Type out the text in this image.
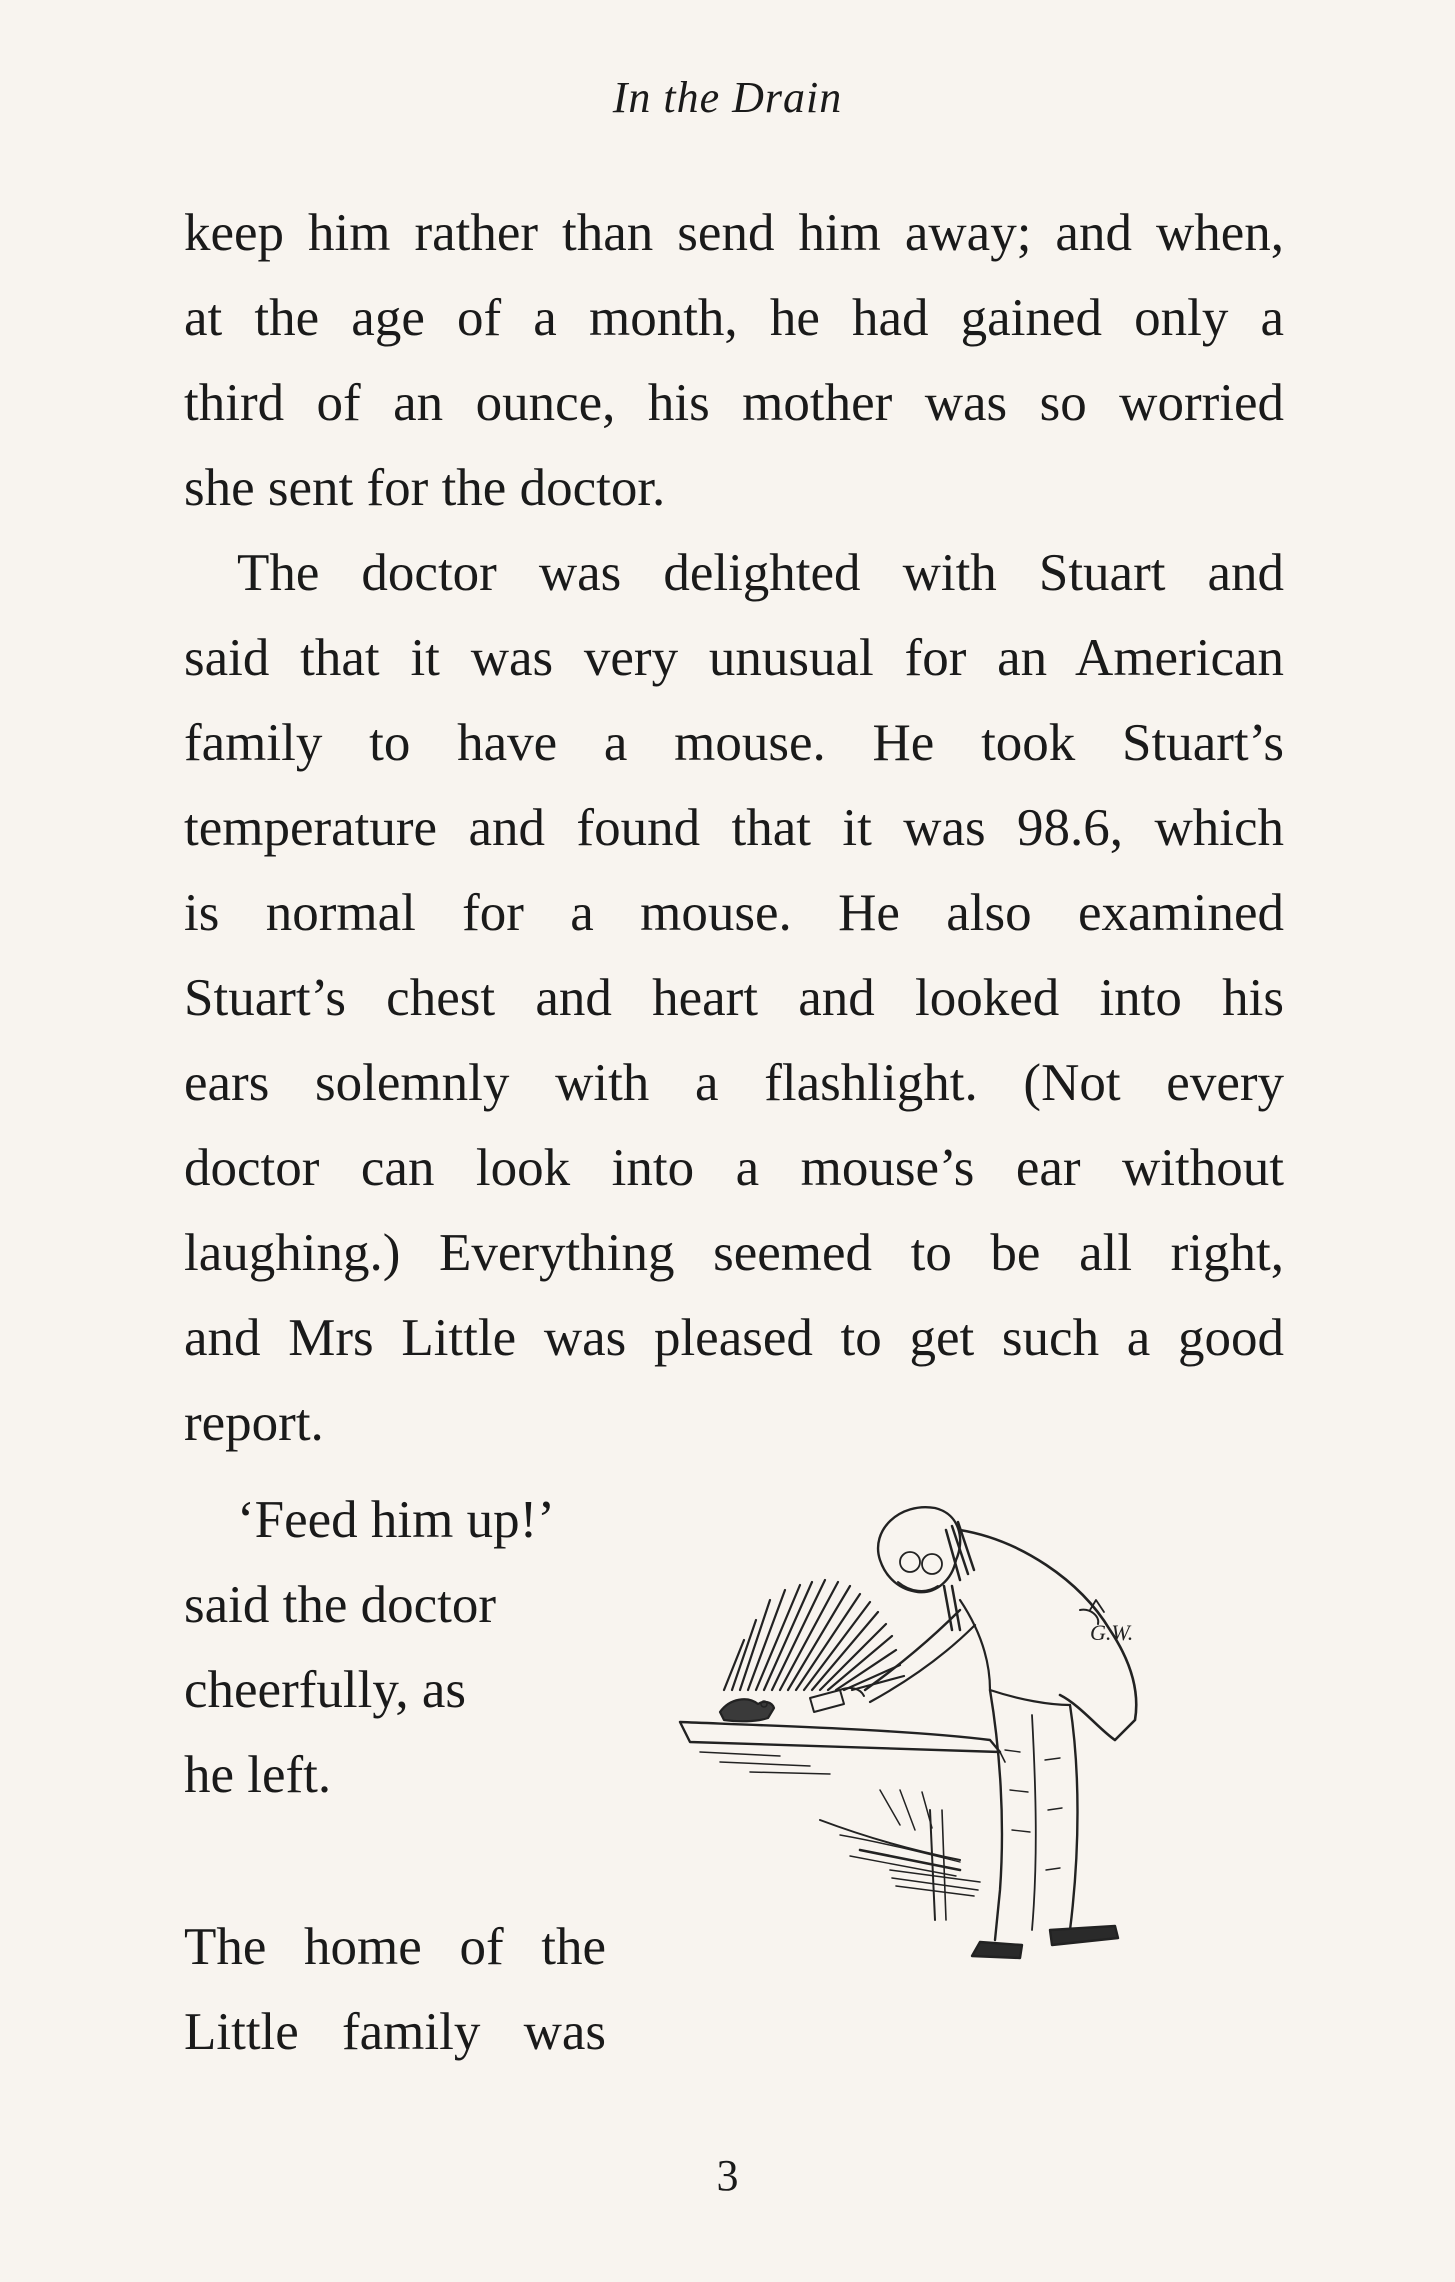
In the Drain
keep him rather than send him away; and when,
at the age of a month, he had gained only a
third of an ounce, his mother was so worried
she sent for the doctor.
The doctor was delighted with Stuart and
said that it was very unusual for an American
family to have a mouse. He took Stuart’s
temperature and found that it was 98.6, which
is normal for a mouse. He also examined
Stuart’s chest and heart and looked into his
ears solemnly with a flashlight. (Not every
doctor can look into a mouse’s ear without
laughing.) Everything seemed to be all right,
and Mrs Little was pleased to get such a good
report.
‘Feed him up!’
said the doctor
cheerfully, as
he left.
The home of the
Little family was
G.W.
3
